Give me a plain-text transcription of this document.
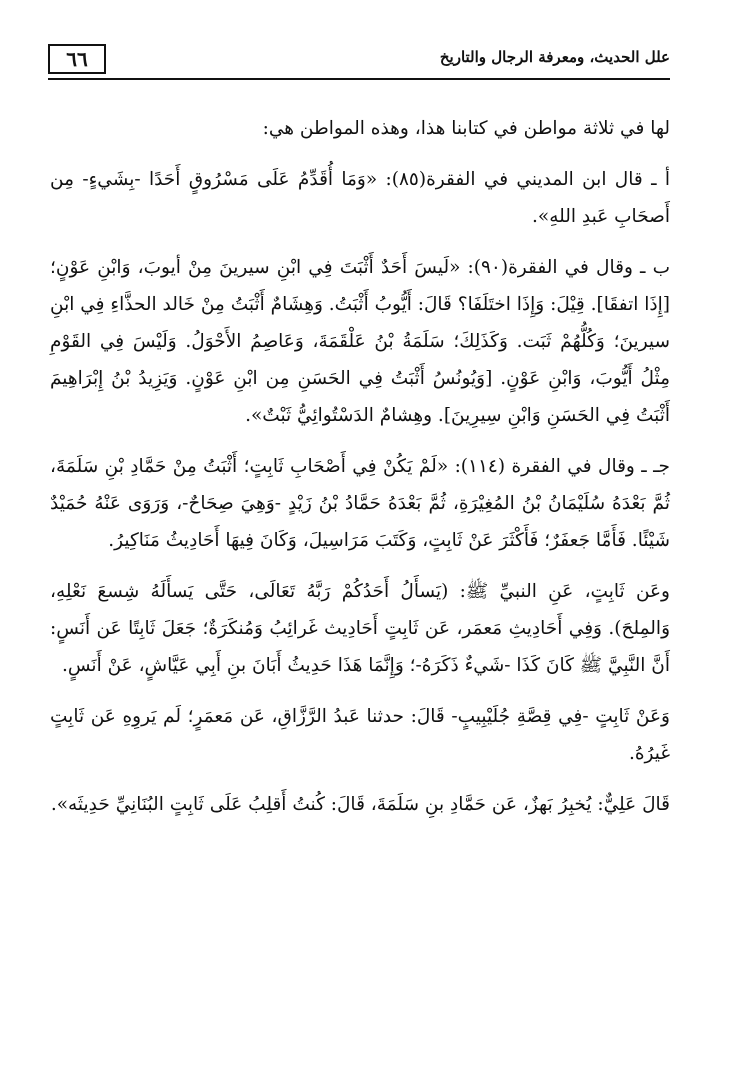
٦٦	علل الحديث، ومعرفة الرجال والتاريخ

لها في ثلاثة مواطن في كتابنا هذا، وهذه المواطن هي:

أ ـ قال ابن المديني في الفقرة(٨٥): «وَمَا أُقَدِّمُ عَلَى مَسْرُوقٍ أَحَدًا -بِشَيءٍ- مِن أَصحَابِ عَبدِ اللهِ».

ب ـ وقال في الفقرة(٩٠): «لَيسَ أَحَدٌ أَثْبَتَ فِي ابْنِ سيرينَ مِنْ أيوبَ، وَابْنِ عَوْنٍ؛ [إِذَا اتفقَا]. قِيْلَ: وَإِذَا اختَلَفَا؟ قَالَ: أَيُّوبُ أَثْبَتُ. وَهِشَامٌ أَثْبَتُ مِنْ خَالد الحذَّاءِ فِي ابْنِ سيرينَ؛ وَكُلُّهُمْ ثَبَت. وَكَذَلِكَ؛ سَلَمَةُ بْنُ عَلْقَمَةَ، وَعَاصِمُ الأَحْوَلُ. وَلَيْسَ فِي القَوْمِ مِثْلُ أَيُّوبَ، وَابْنِ عَوْنٍ. [وَيُونُسُ أَثْبَتُ فِي الحَسَنِ مِن ابْنِ عَوْنٍ. وَيَزِيدُ بْنُ إِبْرَاهِيمَ أَثْبَتُ فِي الحَسَنِ وَابْنِ سِيرِينَ]. وهِشامٌ الدَسْتُوائِيُّ ثَبْتٌ».

جـ ـ وقال في الفقرة (١١٤): «لَمْ يَكُنْ فِي أَصْحَابِ ثَابِتٍ؛ أَثْبَتُ مِنْ حَمَّادِ بْنِ سَلَمَةَ، ثُمَّ بَعْدَهُ سُلَيْمَانُ بْنُ المُغِيْرَةِ، ثُمَّ بَعْدَهُ حَمَّادُ بْنُ زَيْدٍ -وَهِيَ صِحَاحٌ-، وَرَوَى عَنْهُ حُمَيْدٌ شَيْئًا. فَأَمَّا جَعفَرٌ؛ فَأَكْثَرَ عَنْ ثَابِتٍ، وَكَتَبَ مَرَاسِيلَ، وَكَانَ فِيهَا أَحَادِيثُ مَنَاكِيرُ.

وعَن ثَابِتٍ، عَنِ النبيِّ ﷺ: (يَسأَلُ أَحَدُكُمْ رَبَّهُ تَعَالَى، حَتَّى يَسأَلَهُ شِسعَ نَعْلِهِ، وَالمِلحَ). وَفِي أَحَادِيثِ مَعمَر، عَن ثَابِتٍ أَحَادِيث غَرائِبُ وَمُنكَرَةٌ؛ جَعَلَ ثَابِتًا عَن أَنَسٍ: أَنَّ النَّبِيَّ ﷺ كَانَ كَذَا -شَيءٌ ذَكَرَهُ-؛ وَإِنَّمَا هَذَا حَدِيثُ أَبَانَ بنِ أَبِي عَيَّاشٍ، عَنْ أَنَسٍ.

وَعَنْ ثَابِتٍ -فِي قِصَّةِ جُلَيْبِيبٍ- قَالَ: حدثنا عَبدُ الرَّزَّاقِ، عَن مَعمَرٍ؛ لَم يَروِهِ عَن ثَابِتٍ غَيرُهُ.

قَالَ عَلِيٌّ: يُخبِرُ بَهزٌ، عَن حَمَّادِ بنِ سَلَمَةَ، قَالَ: كُنتُ أَقلِبُ عَلَى ثَابِتٍ البُنَانِيِّ حَدِيثَه».
